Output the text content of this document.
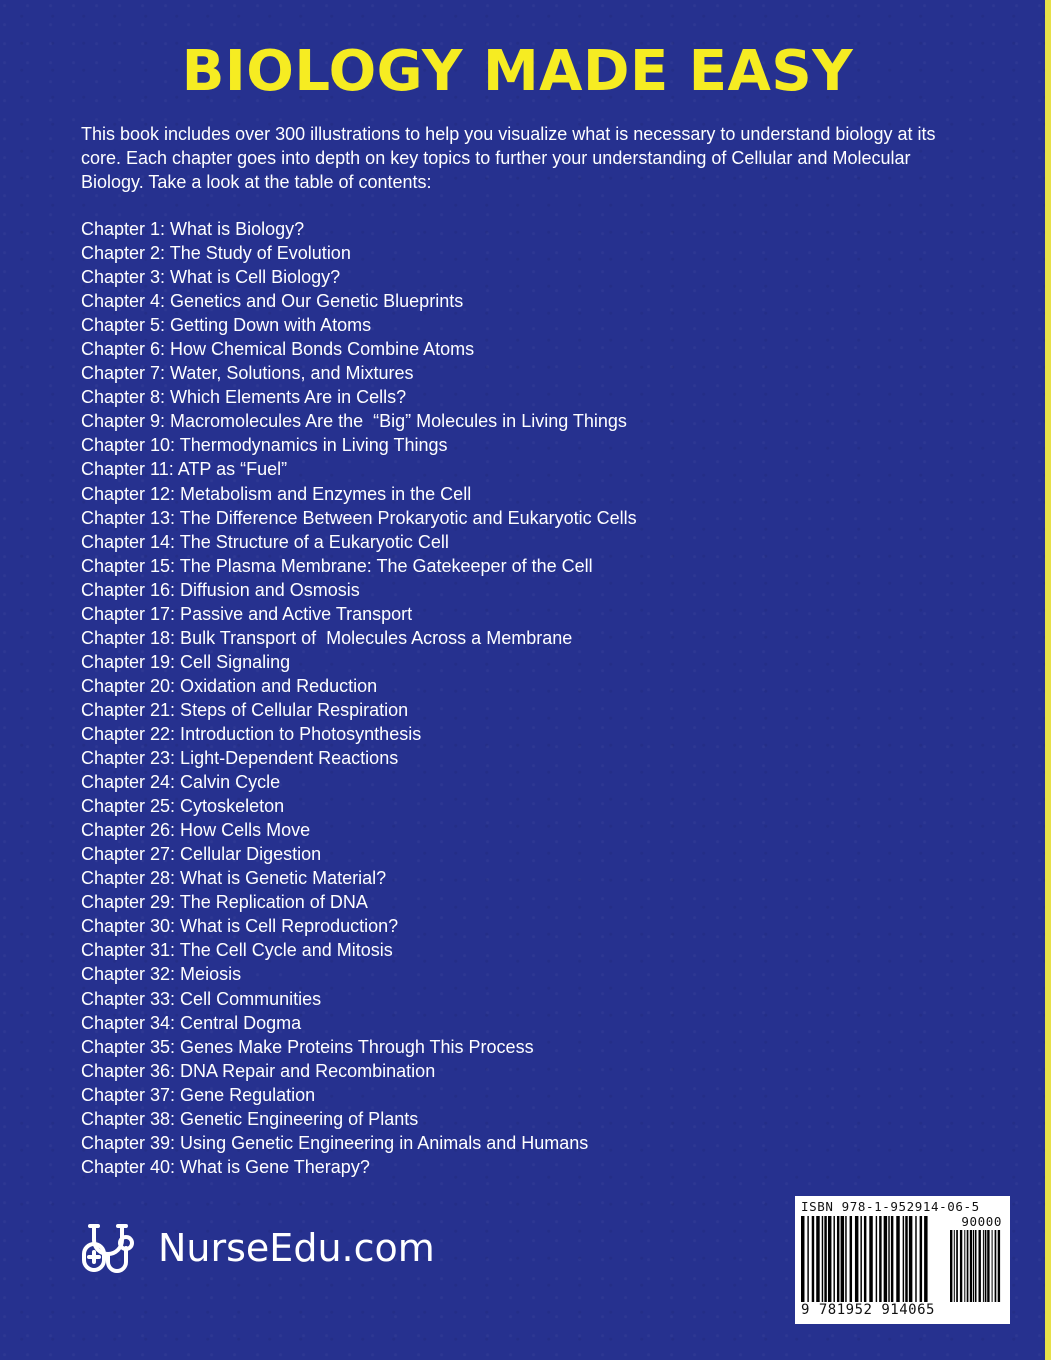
BIOLOGY MADE EASY
This book includes over 300 illustrations to help you visualize what is necessary to understand biology at its core. Each chapter goes into depth on key topics to further your understanding of Cellular and Molecular Biology. Take a look at the table of contents:
Chapter 1: What is Biology?
Chapter 2: The Study of Evolution
Chapter 3: What is Cell Biology?
Chapter 4: Genetics and Our Genetic Blueprints
Chapter 5: Getting Down with Atoms
Chapter 6: How Chemical Bonds Combine Atoms
Chapter 7: Water, Solutions, and Mixtures
Chapter 8: Which Elements Are in Cells?
Chapter 9: Macromolecules Are the  “Big” Molecules in Living Things
Chapter 10: Thermodynamics in Living Things
Chapter 11: ATP as “Fuel”
Chapter 12: Metabolism and Enzymes in the Cell
Chapter 13: The Difference Between Prokaryotic and Eukaryotic Cells
Chapter 14: The Structure of a Eukaryotic Cell
Chapter 15: The Plasma Membrane: The Gatekeeper of the Cell
Chapter 16: Diffusion and Osmosis
Chapter 17: Passive and Active Transport
Chapter 18: Bulk Transport of  Molecules Across a Membrane
Chapter 19: Cell Signaling
Chapter 20: Oxidation and Reduction
Chapter 21: Steps of Cellular Respiration
Chapter 22: Introduction to Photosynthesis
Chapter 23: Light-Dependent Reactions
Chapter 24: Calvin Cycle
Chapter 25: Cytoskeleton
Chapter 26: How Cells Move
Chapter 27: Cellular Digestion
Chapter 28: What is Genetic Material?
Chapter 29: The Replication of DNA
Chapter 30: What is Cell Reproduction?
Chapter 31: The Cell Cycle and Mitosis
Chapter 32: Meiosis
Chapter 33: Cell Communities
Chapter 34: Central Dogma
Chapter 35: Genes Make Proteins Through This Process
Chapter 36: DNA Repair and Recombination
Chapter 37: Gene Regulation
Chapter 38: Genetic Engineering of Plants
Chapter 39: Using Genetic Engineering in Animals and Humans
Chapter 40: What is Gene Therapy?
NurseEdu.com
ISBN 978-1-952914-06-5
90000
9 781952 914065
